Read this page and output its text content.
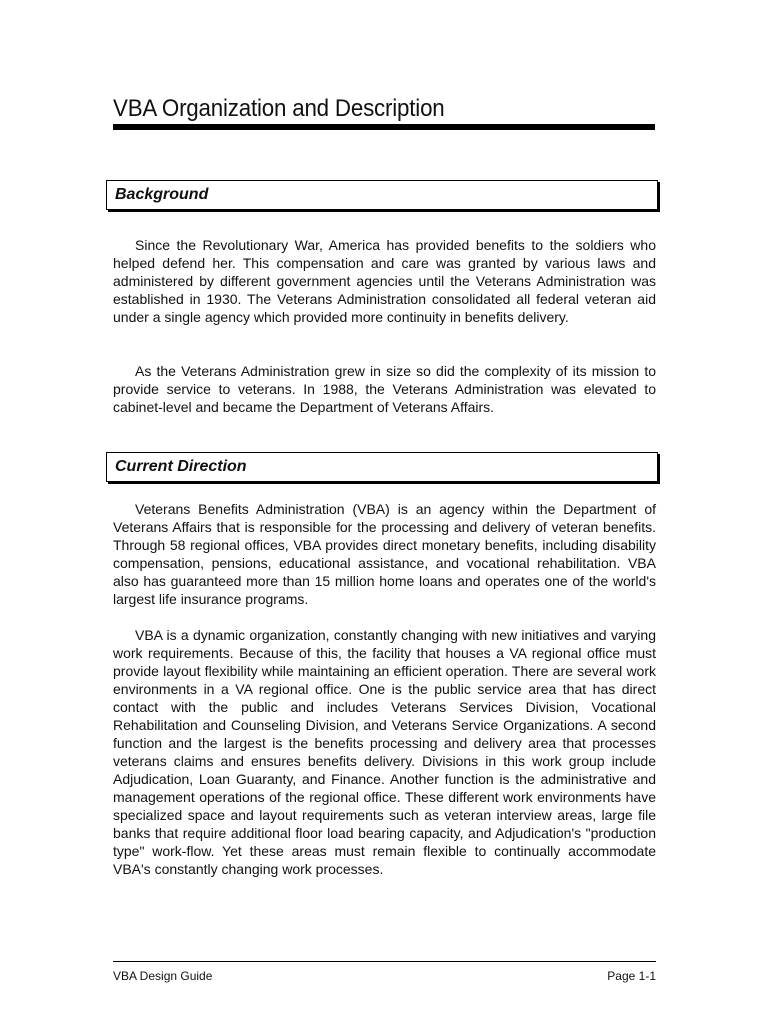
VBA Organization and Description
Background

Since the Revolutionary War, America has provided benefits to the soldiers who helped defend her. This compensation and care was granted by various laws and administered by different government agencies until the Veterans Administration was established in 1930. The Veterans Administration consolidated all federal veteran aid under a single agency which provided more continuity in benefits delivery.

As the Veterans Administration grew in size so did the complexity of its mission to provide service to veterans. In 1988, the Veterans Administration was elevated to cabinet-level and became the Department of Veterans Affairs.

Current Direction

Veterans Benefits Administration (VBA) is an agency within the Department of Veterans Affairs that is responsible for the processing and delivery of veteran benefits. Through 58 regional offices, VBA provides direct monetary benefits, including disability compensation, pensions, educational assistance, and vocational rehabilitation. VBA also has guaranteed more than 15 million home loans and operates one of the world's largest life insurance programs.

VBA is a dynamic organization, constantly changing with new initiatives and varying work requirements. Because of this, the facility that houses a VA regional office must provide layout flexibility while maintaining an efficient operation. There are several work environments in a VA regional office. One is the public service area that has direct contact with the public and includes Veterans Services Division, Vocational Rehabilitation and Counseling Division, and Veterans Service Organizations. A second function and the largest is the benefits processing and delivery area that processes veterans claims and ensures benefits delivery. Divisions in this work group include Adjudication, Loan Guaranty, and Finance. Another function is the administrative and management operations of the regional office. These different work environments have specialized space and layout requirements such as veteran interview areas, large file banks that require additional floor load bearing capacity, and Adjudication's "production type" work-flow. Yet these areas must remain flexible to continually accommodate VBA's constantly changing work processes.

VBA Design Guide	Page 1-1
